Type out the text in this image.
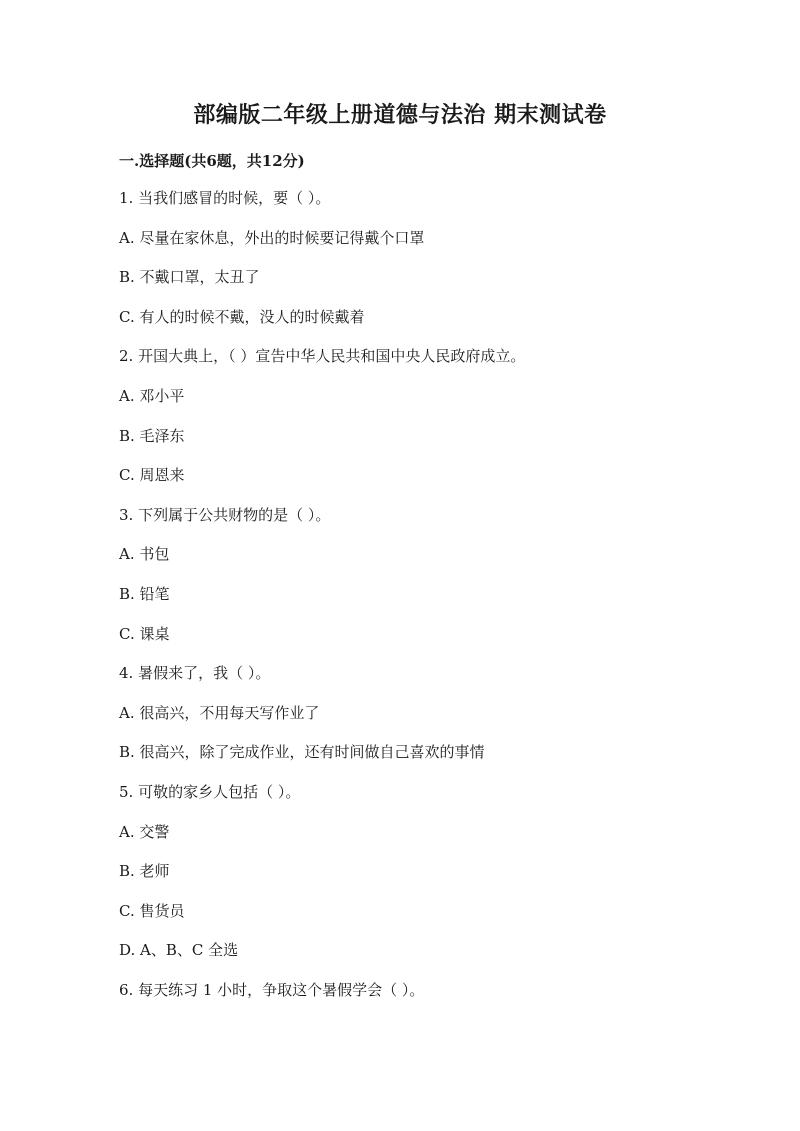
部编版二年级上册道德与法治 期末测试卷
一.选择题(共6题，共12分)
1. 当我们感冒的时候，要（ ）。
A. 尽量在家休息，外出的时候要记得戴个口罩
B. 不戴口罩，太丑了
C. 有人的时候不戴，没人的时候戴着
2. 开国大典上，（ ）宣告中华人民共和国中央人民政府成立。
A. 邓小平
B. 毛泽东
C. 周恩来
3. 下列属于公共财物的是（ ）。
A. 书包
B. 铅笔
C. 课桌
4. 暑假来了，我（ ）。
A. 很高兴，不用每天写作业了
B. 很高兴，除了完成作业，还有时间做自己喜欢的事情
5. 可敬的家乡人包括（ ）。
A. 交警
B. 老师
C. 售货员
D. A、B、C 全选
6. 每天练习 1 小时，争取这个暑假学会（ ）。
